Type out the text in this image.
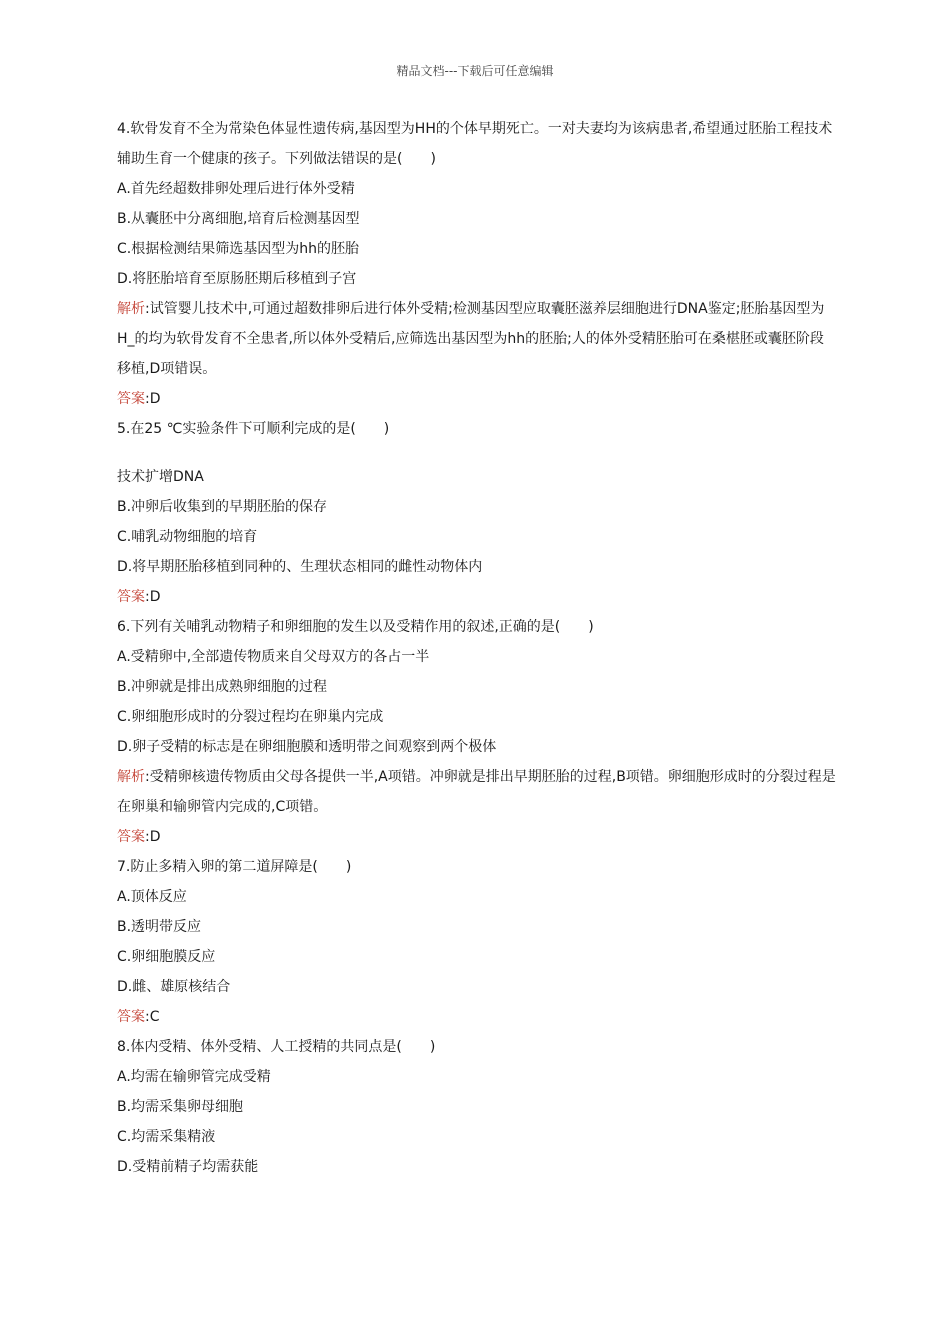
精品文档---下载后可任意编辑

4.软骨发育不全为常染色体显性遗传病,基因型为HH的个体早期死亡。一对夫妻均为该病患者,希望通过胚胎工程技术辅助生育一个健康的孩子。下列做法错误的是(　　)

A.首先经超数排卵处理后进行体外受精

B.从囊胚中分离细胞,培育后检测基因型

C.根据检测结果筛选基因型为hh的胚胎

D.将胚胎培育至原肠胚期后移植到子宫

解析:试管婴儿技术中,可通过超数排卵后进行体外受精;检测基因型应取囊胚滋养层细胞进行DNA鉴定;胚胎基因型为H_的均为软骨发育不全患者,所以体外受精后,应筛选出基因型为hh的胚胎;人的体外受精胚胎可在桑椹胚或囊胚阶段移植,D项错误。

答案:D

5.在25 ℃实验条件下可顺利完成的是(　　)

技术扩增DNA

B.冲卵后收集到的早期胚胎的保存

C.哺乳动物细胞的培育

D.将早期胚胎移植到同种的、生理状态相同的雌性动物体内

答案:D

6.下列有关哺乳动物精子和卵细胞的发生以及受精作用的叙述,正确的是(　　)

A.受精卵中,全部遗传物质来自父母双方的各占一半

B.冲卵就是排出成熟卵细胞的过程

C.卵细胞形成时的分裂过程均在卵巢内完成

D.卵子受精的标志是在卵细胞膜和透明带之间观察到两个极体

解析:受精卵核遗传物质由父母各提供一半,A项错。冲卵就是排出早期胚胎的过程,B项错。卵细胞形成时的分裂过程是在卵巢和输卵管内完成的,C项错。

答案:D

7.防止多精入卵的第二道屏障是(　　)

A.顶体反应

B.透明带反应

C.卵细胞膜反应

D.雌、雄原核结合

答案:C

8.体内受精、体外受精、人工授精的共同点是(　　)

A.均需在输卵管完成受精

B.均需采集卵母细胞

C.均需采集精液

D.受精前精子均需获能
